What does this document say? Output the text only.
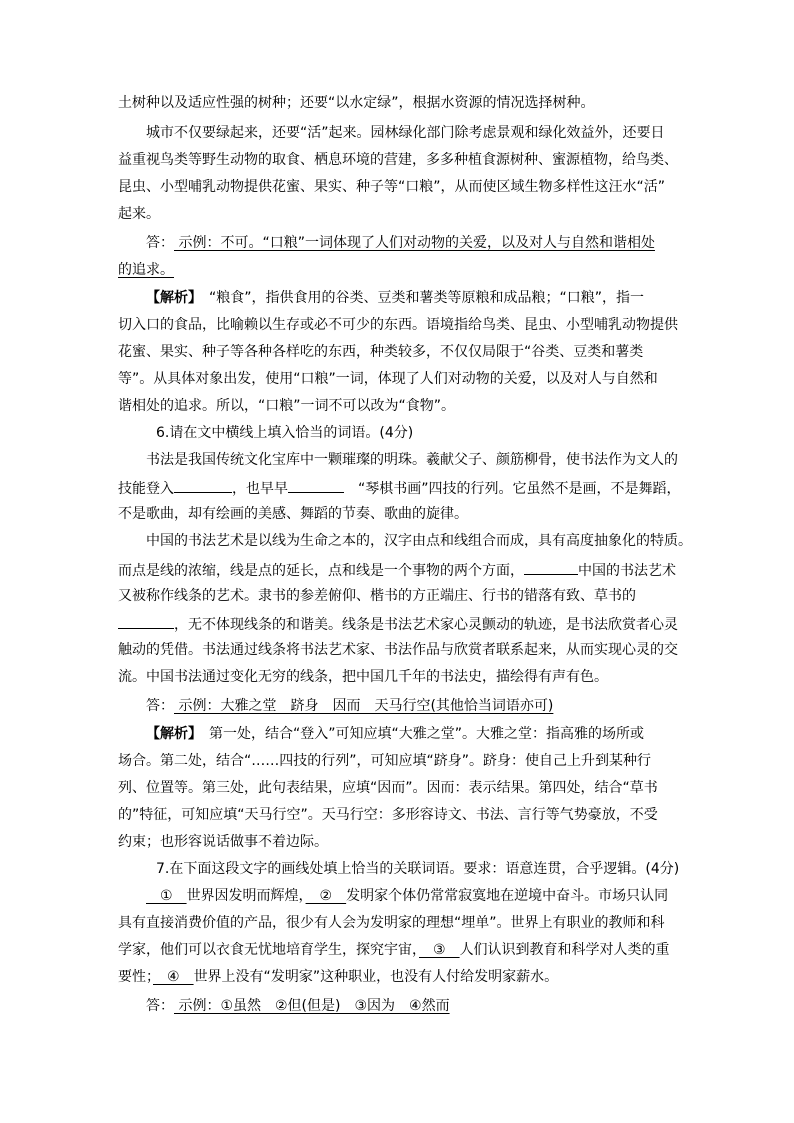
土树种以及适应性强的树种；还要“以水定绿”，根据水资源的情况选择树种。
城市不仅要绿起来，还要“活”起来。园林绿化部门除考虑景观和绿化效益外，还要日
益重视鸟类等野生动物的取食、栖息环境的营建，多多种植食源树种、蜜源植物，给鸟类、
昆虫、小型哺乳动物提供花蜜、果实、种子等“口粮”，从而使区域生物多样性这汪水“活”
起来。
答： 示例：不可。“口粮”一词体现了人们对动物的关爱，以及对人与自然和谐相处
的追求。
【解析】　 “粮食”，指供食用的谷类、豆类和薯类等原粮和成品粮；“口粮”，指一
切入口的食品，比喻赖以生存或必不可少的东西。语境指给鸟类、昆虫、小型哺乳动物提供
花蜜、果实、种子等各种各样吃的东西，种类较多，不仅仅局限于“谷类、豆类和薯类
等”。从具体对象出发，使用“口粮”一词，体现了人们对动物的关爱，以及对人与自然和
谐相处的追求。所以，“口粮”一词不可以改为“食物”。
6.请在文中横线上填入恰当的词语。(4分)
书法是我国传统文化宝库中一颗璀璨的明珠。羲献父子、颜筋柳骨，使书法作为文人的
技能登入	，也早早　	“琴棋书画”四技的行列。它虽然不是画，不是舞蹈，
不是歌曲，却有绘画的美感、舞蹈的节奏、歌曲的旋律。
中国的书法艺术是以线为生命之本的，汉字由点和线组合而成，具有高度抽象化的特质。
而点是线的浓缩，线是点的延长，点和线是一个事物的两个方面，	中国的书法艺术
又被称作线条的艺术。隶书的参差俯仰、楷书的方正端庄、行书的错落有致、草书的
，无不体现线条的和谐美。线条是书法艺术家心灵颤动的轨迹，是书法欣赏者心灵
触动的凭借。书法通过线条将书法艺术家、书法作品与欣赏者联系起来，从而实现心灵的交
流。中国书法通过变化无穷的线条，把中国几千年的书法史，描绘得有声有色。
答： 示例：大雅之堂　跻身　因而　天马行空(其他恰当词语亦可)
【解析】　 第一处，结合“登入”可知应填“大雅之堂”。大雅之堂：指高雅的场所或
场合。第二处，结合“……四技的行列”，可知应填“跻身”。跻身：使自己上升到某种行
列、位置等。第三处，此句表结果，应填“因而”。因而：表示结果。第四处，结合“草书
的”特征，可知应填“天马行空”。天马行空：多形容诗文、书法、言行等气势豪放，不受
约束；也形容说话做事不着边际。
7.在下面这段文字的画线处填上恰当的关联词语。要求：语意连贯，合乎逻辑。(4分)
　①　世界因发明而辉煌，　②　发明家个体仍常常寂寞地在逆境中奋斗。市场只认同
具有直接消费价值的产品，很少有人会为发明家的理想“埋单”。世界上有职业的教师和科
学家，他们可以衣食无忧地培育学生，探究宇宙，　③　人们认识到教育和科学对人类的重
要性；　④　世界上没有“发明家”这种职业，也没有人付给发明家薪水。
答： 示例：①虽然　②但(但是)　③因为　④然而
